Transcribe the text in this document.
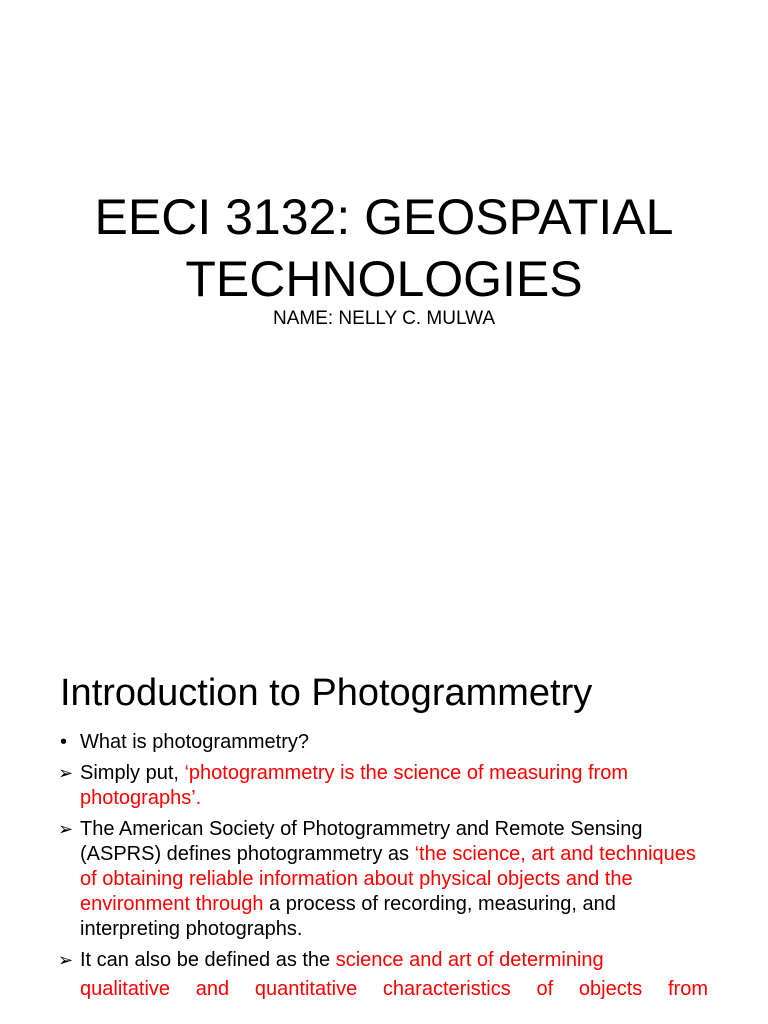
EECI 3132: GEOSPATIAL
TECHNOLOGIES
NAME: NELLY C. MULWA
Introduction to Photogrammetry
• What is photogrammetry?
➢ Simply put, ‘photogrammetry is the science of measuring from photographs’.
➢ The American Society of Photogrammetry and Remote Sensing (ASPRS) defines photogrammetry as ‘the science, art and techniques of obtaining reliable information about physical objects and the environment through a process of recording, measuring, and interpreting photographs.
➢ It can also be defined as the science and art of determining
qualitative and quantitative characteristics of objects from
